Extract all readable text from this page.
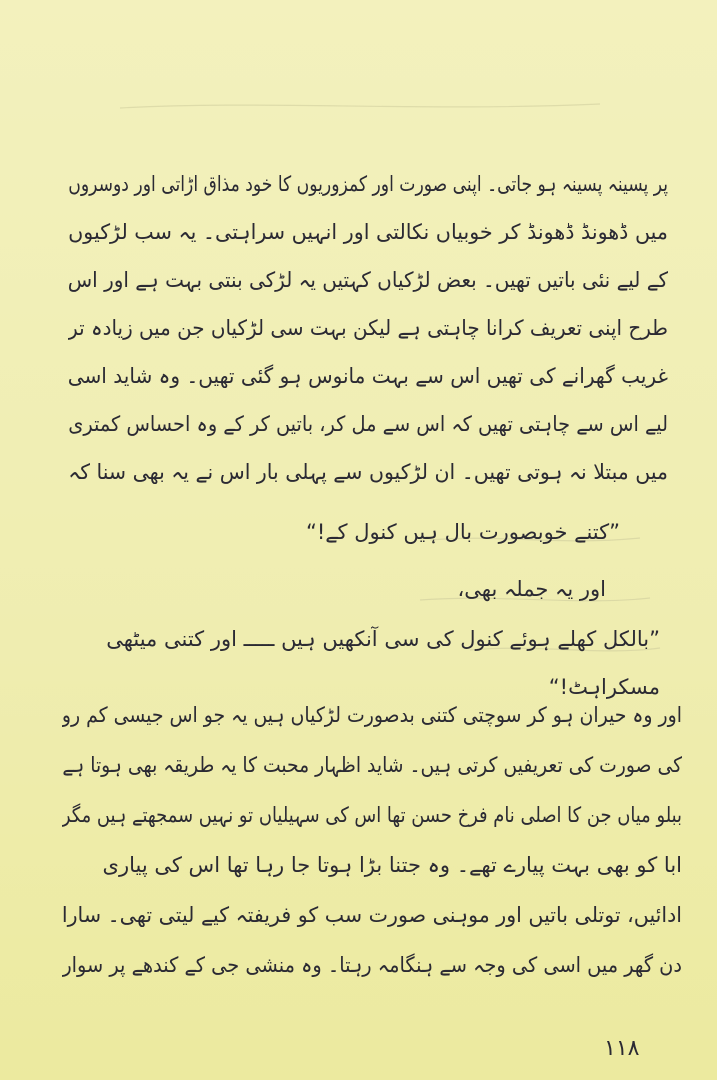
پر پسینہ پسینہ ہو جاتی۔ اپنی صورت اور کمزوریوں کا خود مذاق اڑاتی اور دوسروں
میں ڈھونڈ ڈھونڈ کر خوبیاں نکالتی اور انہیں سراہتی۔ یہ سب لڑکیوں
کے لیے نئی باتیں تھیں۔ بعض لڑکیاں کہتیں یہ لڑکی بنتی بہت ہے اور اس
طرح اپنی تعریف کرانا چاہتی ہے لیکن بہت سی لڑکیاں جن میں زیادہ تر
غریب گھرانے کی تھیں اس سے بہت مانوس ہو گئی تھیں۔ وہ شاید اسی
لیے اس سے چاہتی تھیں کہ اس سے مل کر، باتیں کر کے وہ احساس کمتری
میں مبتلا نہ ہوتی تھیں۔ ان لڑکیوں سے پہلی بار اس نے یہ بھی سنا کہ
”کتنے خوبصورت بال ہیں کنول کے!“
اور یہ جملہ بھی،
”بالکل کھلے ہوئے کنول کی سی آنکھیں ہیں ـــــ اور کتنی میٹھی
مسکراہٹ!“
اور وہ حیران ہو کر سوچتی کتنی بدصورت لڑکیاں ہیں یہ جو اس جیسی کم رو
کی صورت کی تعریفیں کرتی ہیں۔ شاید اظہار محبت کا یہ طریقہ بھی ہوتا ہے
ببلو میاں جن کا اصلی نام فرخ حسن تھا اس کی سہیلیاں تو نہیں سمجھتے ہیں مگر
ابا کو بھی بہت پیارے تھے۔ وہ جتنا بڑا ہوتا جا رہا تھا اس کی پیاری
ادائیں، توتلی باتیں اور موہنی صورت سب کو فریفتہ کیے لیتی تھی۔ سارا
دن گھر میں اسی کی وجہ سے ہنگامہ رہتا۔ وہ منشی جی کے کندھے پر سوار
١١٨
